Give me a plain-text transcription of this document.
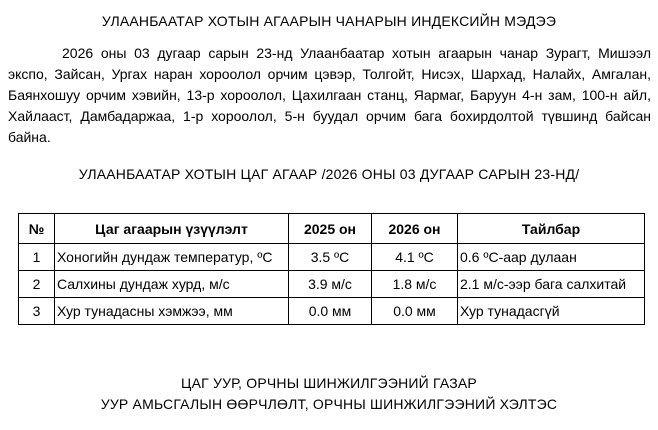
УЛААНБААТАР ХОТЫН АГААРЫН ЧАНАРЫН ИНДЕКСИЙН МЭДЭЭ

2026 оны 03 дугаар сарын 23-нд Улаанбаатар хотын агаарын чанар Зурагт, Мишээл экспо, Зайсан, Ургах наран хороолол орчим цэвэр, Толгойт, Нисэх, Шархад, Налайх, Амгалан, Баянхошуу орчим хэвийн, 13-р хороолол, Цахилгаан станц, Яармаг, Баруун 4-н зам, 100-н айл, Хайлааст, Дамбадаржаа, 1-р хороолол, 5-н буудал орчим бага бохирдолтой түвшинд байсан байна.

УЛААНБААТАР ХОТЫН ЦАГ АГААР /2026 ОНЫ 03 ДУГААР САРЫН 23-НД/
№	Цаг агаарын үзүүлэлт	2025 он	2026 он	Тайлбар
1	Хоногийн дундаж температур, ºC	3.5 ºC	4.1 ºC	0.6 ºC-аар дулаан
2	Салхины дундаж хурд, м/с	3.9 м/с	1.8 м/с	2.1 м/с-ээр бага салхитай
3	Хур тунадасны хэмжээ, мм	0.0 мм	0.0 мм	Хур тунадасгүй
ЦАГ УУР, ОРЧНЫ ШИНЖИЛГЭЭНИЙ ГАЗАР
УУР АМЬСГАЛЫН ӨӨРЧЛӨЛТ, ОРЧНЫ ШИНЖИЛГЭЭНИЙ ХЭЛТЭС
